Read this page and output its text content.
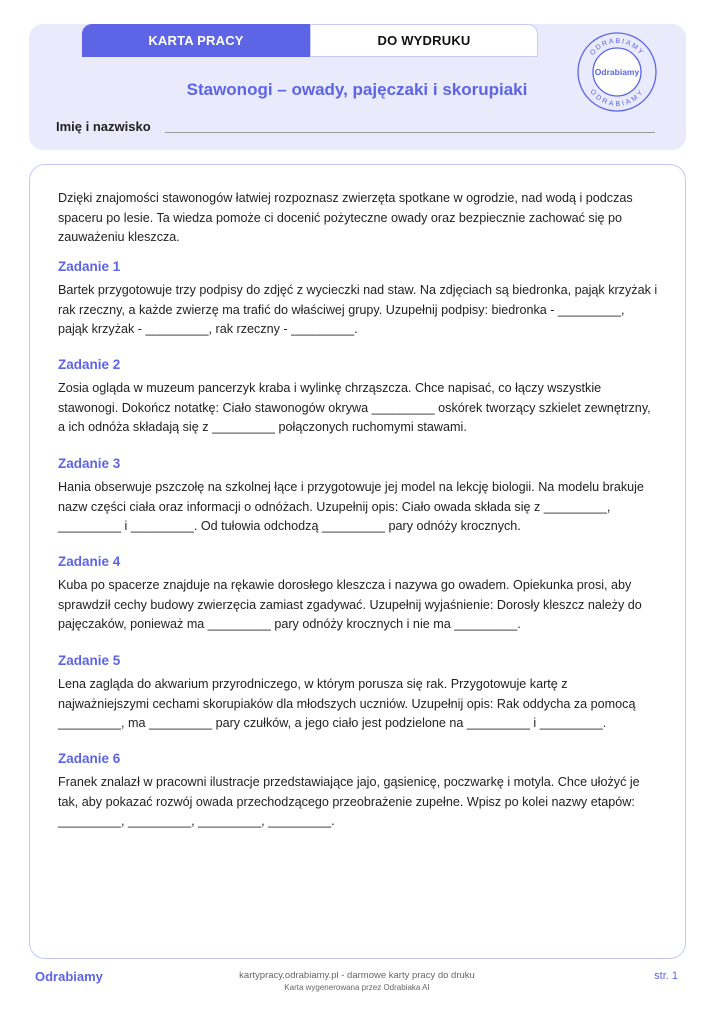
KARTA PRACY	DO WYDRUKU
Stawonogi – owady, pajęczaki i skorupiaki
Imię i nazwisko
ODRABIAMY
ODRABIAMY
Odrabiamy

Dzięki znajomości stawonogów łatwiej rozpoznasz zwierzęta spotkane w ogrodzie, nad wodą i podczas spaceru po lesie. Ta wiedza pomoże ci docenić pożyteczne owady oraz bezpiecznie zachować się po zauważeniu kleszcza.

Zadanie 1

Bartek przygotowuje trzy podpisy do zdjęć z wycieczki nad staw. Na zdjęciach są biedronka, pająk krzyżak i rak rzeczny, a każde zwierzę ma trafić do właściwej grupy. Uzupełnij podpisy: biedronka - _________, pająk krzyżak - _________, rak rzeczny - _________.

Zadanie 2

Zosia ogląda w muzeum pancerzyk kraba i wylinkę chrząszcza. Chce napisać, co łączy wszystkie stawonogi. Dokończ notatkę: Ciało stawonogów okrywa _________ oskórek tworzący szkielet zewnętrzny, a ich odnóża składają się z _________ połączonych ruchomymi stawami.

Zadanie 3

Hania obserwuje pszczołę na szkolnej łące i przygotowuje jej model na lekcję biologii. Na modelu brakuje nazw części ciała oraz informacji o odnóżach. Uzupełnij opis: Ciało owada składa się z _________, _________ i _________. Od tułowia odchodzą _________ pary odnóży krocznych.

Zadanie 4

Kuba po spacerze znajduje na rękawie dorosłego kleszcza i nazywa go owadem. Opiekunka prosi, aby sprawdził cechy budowy zwierzęcia zamiast zgadywać. Uzupełnij wyjaśnienie: Dorosły kleszcz należy do pajęczaków, ponieważ ma _________ pary odnóży krocznych i nie ma _________.

Zadanie 5

Lena zagląda do akwarium przyrodniczego, w którym porusza się rak. Przygotowuje kartę z najważniejszymi cechami skorupiaków dla młodszych uczniów. Uzupełnij opis: Rak oddycha za pomocą _________, ma _________ pary czułków, a jego ciało jest podzielone na _________ i _________.

Zadanie 6

Franek znalazł w pracowni ilustracje przedstawiające jajo, gąsienicę, poczwarkę i motyla. Chce ułożyć je tak, aby pokazać rozwój owada przechodzącego przeobrażenie zupełne. Wpisz po kolei nazwy etapów: _________, _________, _________, _________.

Odrabiamy	kartypracy.odrabiamy.pl - darmowe karty pracy do druku
Karta wygenerowana przez Odrabiaka AI
str. 1
